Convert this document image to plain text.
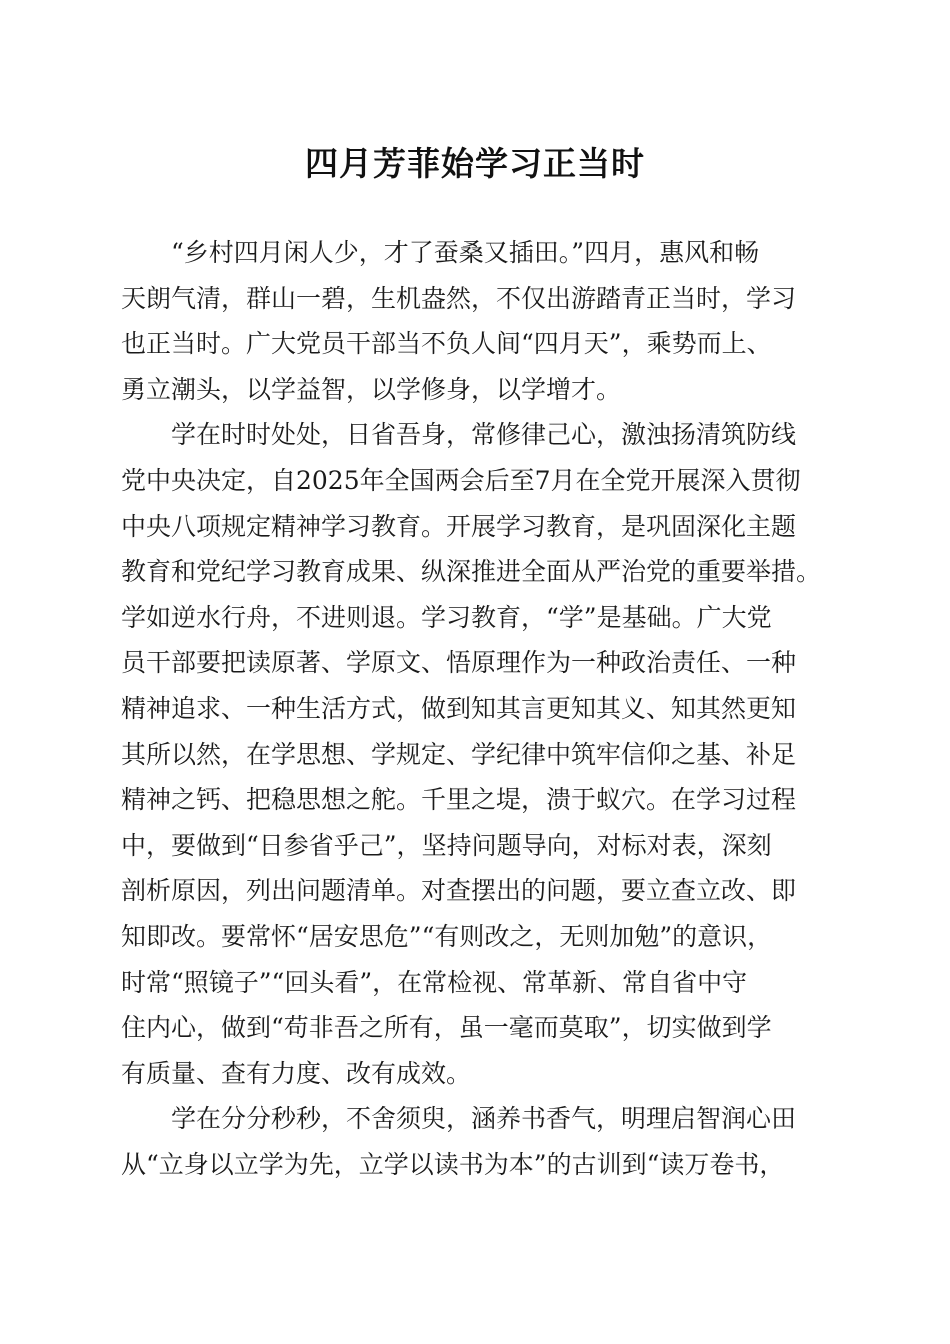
四月芳菲始学习正当时
“乡村四月闲人少，才了蚕桑又插田。”四月，惠风和畅
天朗气清，群山一碧，生机盎然，不仅出游踏青正当时，学习
也正当时。广大党员干部当不负人间“四月天”，乘势而上、
勇立潮头，以学益智，以学修身，以学增才。
学在时时处处，日省吾身，常修律己心，激浊扬清筑防线
党中央决定，自2025年全国两会后至7月在全党开展深入贯彻
中央八项规定精神学习教育。开展学习教育，是巩固深化主题
教育和党纪学习教育成果、纵深推进全面从严治党的重要举措。
学如逆水行舟，不进则退。学习教育，“学”是基础。广大党
员干部要把读原著、学原文、悟原理作为一种政治责任、一种
精神追求、一种生活方式，做到知其言更知其义、知其然更知
其所以然，在学思想、学规定、学纪律中筑牢信仰之基、补足
精神之钙、把稳思想之舵。千里之堤，溃于蚁穴。在学习过程
中，要做到“日参省乎己”，坚持问题导向，对标对表，深刻
剖析原因，列出问题清单。对查摆出的问题，要立查立改、即
知即改。要常怀“居安思危”“有则改之，无则加勉”的意识，
时常“照镜子”“回头看”，在常检视、常革新、常自省中守
住内心，做到“苟非吾之所有，虽一毫而莫取”，切实做到学
有质量、查有力度、改有成效。
学在分分秒秒，不舍须臾，涵养书香气，明理启智润心田
从“立身以立学为先，立学以读书为本”的古训到“读万卷书，
